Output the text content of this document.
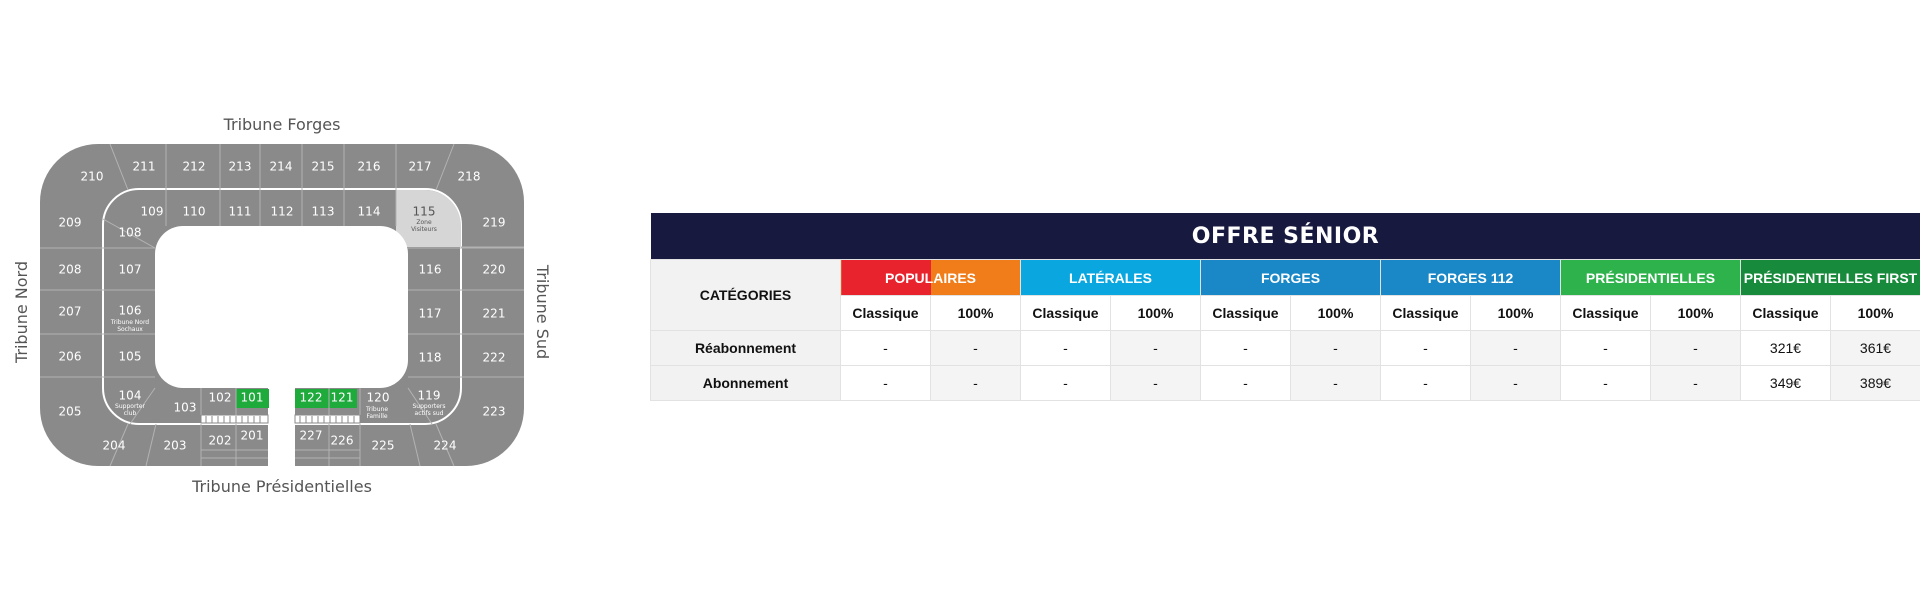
Tribune Forges
Tribune Présidentielles
Tribune Nord	Tribune Sud
210
211 212 213 214 215 216 217
218
209
208
207
206
205
219
220
221
222
223
204	203 202 201	227 226 225	224
109 110 111 112 113 114	115
Zone
Visiteurs
108
107
106
Tribune Nord
Sochaux
105
104
Supporter
club	103
102 101	122 121 120
Tribune
Famille
119
Supporters
actifs sud
116
117
118
OFFRE SÉNIOR												
CATÉGORIES	POPULAIRES		LATÉRALES		FORGES		FORGES 112		PRÉSIDENTIELLES		PRÉSIDENTIELLES FIRST	
	Classique	100%	Classique	100%	Classique	100%	Classique	100%	Classique	100%	Classique	100%
Réabonnement	-	-	-	-	-	-	-	-	-	-	321€	361€
Abonnement	-	-	-	-	-	-	-	-	-	-	349€	389€
